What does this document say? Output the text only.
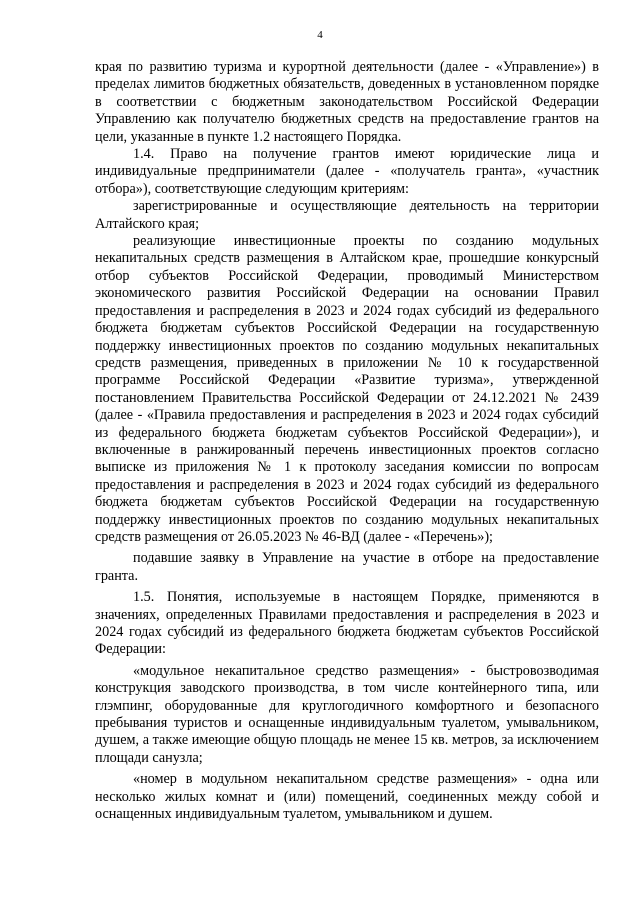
4

края по развитию туризма и курортной деятельности (далее - «Управление») в пределах лимитов бюджетных обязательств, доведенных в установленном порядке в соответствии с бюджетным законодательством Российской Федерации Управлению как получателю бюджетных средств на предоставление грантов на цели, указанные в пункте 1.2 настоящего Порядка.

1.4. Право на получение грантов имеют юридические лица и индивидуальные предприниматели (далее - «получатель гранта», «участник отбора»), соответствующие следующим критериям:

зарегистрированные и осуществляющие деятельность на территории Алтайского края;

реализующие инвестиционные проекты по созданию модульных некапитальных средств размещения в Алтайском крае, прошедшие конкурсный отбор субъектов Российской Федерации, проводимый Министерством экономического развития Российской Федерации на основании Правил предоставления и распределения в 2023 и 2024 годах субсидий из федерального бюджета бюджетам субъектов Российской Федерации на государственную поддержку инвестиционных проектов по созданию модульных некапитальных средств размещения, приведенных в приложении № 10 к государственной программе Российской Федерации «Развитие туризма», утвержденной постановлением Правительства Российской Федерации от 24.12.2021 № 2439 (далее - «Правила предоставления и распределения в 2023 и 2024 годах субсидий из федерального бюджета бюджетам субъектов Российской Федерации»), и включенные в ранжированный перечень инвестиционных проектов согласно выписке из приложения № 1 к протоколу заседания комиссии по вопросам предоставления и распределения в 2023 и 2024 годах субсидий из федерального бюджета бюджетам субъектов Российской Федерации на государственную поддержку инвестиционных проектов по созданию модульных некапитальных средств размещения от 26.05.2023 № 46-ВД (далее - «Перечень»);

подавшие заявку в Управление на участие в отборе на предоставление гранта.

1.5. Понятия, используемые в настоящем Порядке, применяются в значениях, определенных Правилами предоставления и распределения в 2023 и 2024 годах субсидий из федерального бюджета бюджетам субъектов Российской Федерации:

«модульное некапитальное средство размещения» - быстровозводимая конструкция заводского производства, в том числе контейнерного типа, или глэмпинг, оборудованные для круглогодичного комфортного и безопасного пребывания туристов и оснащенные индивидуальным туалетом, умывальником, душем, а также имеющие общую площадь не менее 15 кв. метров, за исключением площади санузла;

«номер в модульном некапитальном средстве размещения» - одна или несколько жилых комнат и (или) помещений, соединенных между собой и оснащенных индивидуальным туалетом, умывальником и душем.
